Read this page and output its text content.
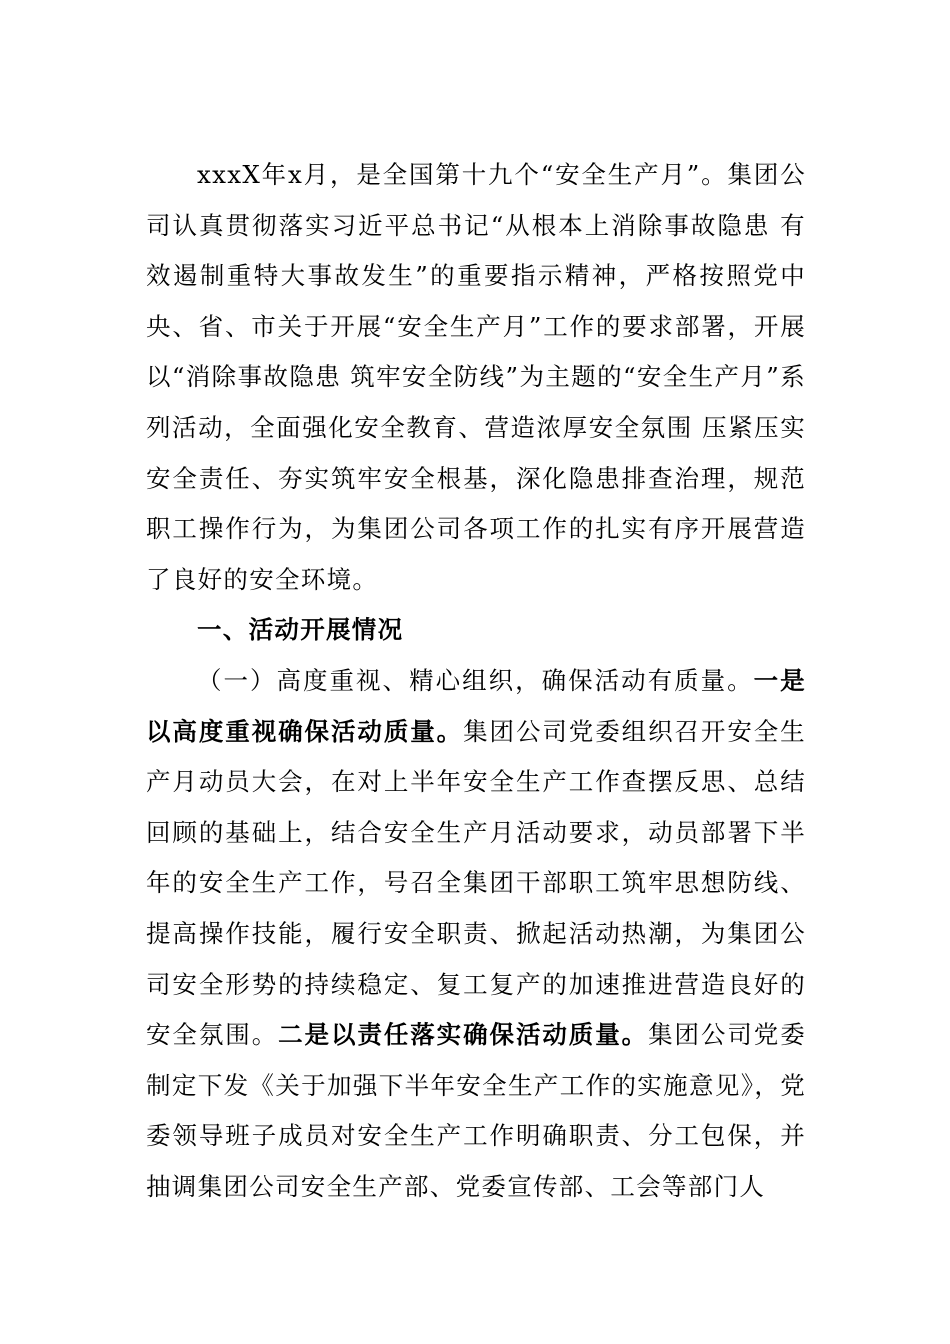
xxxX年x月，是全国第十九个“安全生产月”。集团公司认真贯彻落实习近平总书记“从根本上消除事故隐患 有效遏制重特大事故发生”的重要指示精神，严格按照党中央、省、市关于开展“安全生产月”工作的要求部署，开展以“消除事故隐患 筑牢安全防线”为主题的“安全生产月”系列活动，全面强化安全教育、营造浓厚安全氛围 压紧压实安全责任、夯实筑牢安全根基，深化隐患排查治理，规范职工操作行为，为集团公司各项工作的扎实有序开展营造了良好的安全环境。

一、活动开展情况

（一）高度重视、精心组织，确保活动有质量。一是以高度重视确保活动质量。集团公司党委组织召开安全生产月动员大会，在对上半年安全生产工作查摆反思、总结回顾的基础上，结合安全生产月活动要求，动员部署下半年的安全生产工作，号召全集团干部职工筑牢思想防线、提高操作技能，履行安全职责、掀起活动热潮，为集团公司安全形势的持续稳定、复工复产的加速推进营造良好的安全氛围。二是以责任落实确保活动质量。集团公司党委制定下发《关于加强下半年安全生产工作的实施意见》，党委领导班子成员对安全生产工作明确职责、分工包保，并抽调集团公司安全生产部、党委宣传部、工会等部门人
